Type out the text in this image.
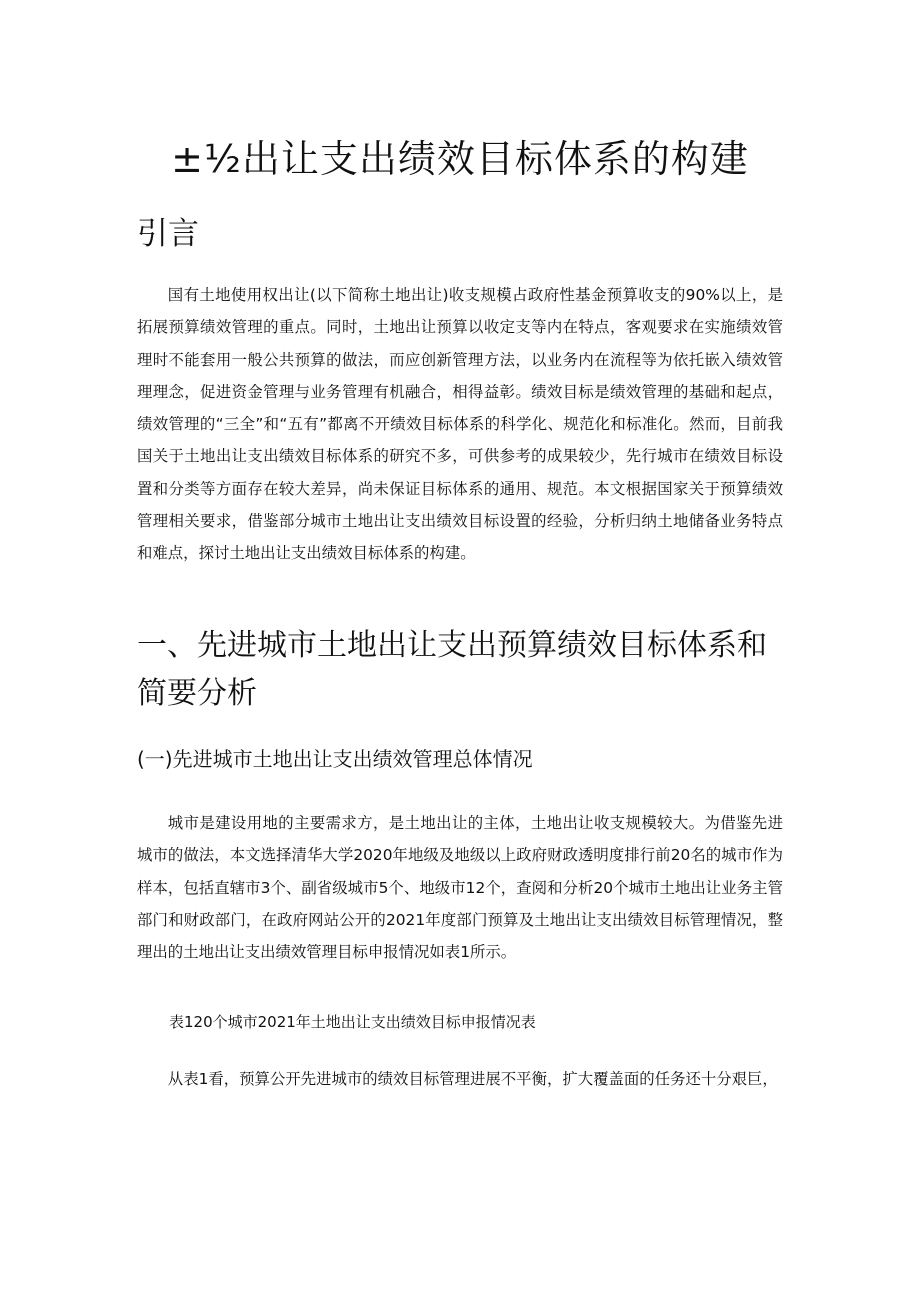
±½出让支出绩效目标体系的构建
引言

国有土地使用权出让(以下简称土地出让)收支规模占政府性基金预算收支的90%以上，是拓展预算绩效管理的重点。同时，土地出让预算以收定支等内在特点，客观要求在实施绩效管理时不能套用一般公共预算的做法，而应创新管理方法，以业务内在流程等为依托嵌入绩效管理理念，促进资金管理与业务管理有机融合，相得益彰。绩效目标是绩效管理的基础和起点，绩效管理的“三全”和“五有”都离不开绩效目标体系的科学化、规范化和标准化。然而，目前我国关于土地出让支出绩效目标体系的研究不多，可供参考的成果较少，先行城市在绩效目标设置和分类等方面存在较大差异，尚未保证目标体系的通用、规范。本文根据国家关于预算绩效管理相关要求，借鉴部分城市土地出让支出绩效目标设置的经验，分析归纳土地储备业务特点和难点，探讨土地出让支出绩效目标体系的构建。

一、先进城市土地出让支出预算绩效目标体系和简要分析
(一)先进城市土地出让支出绩效管理总体情况

城市是建设用地的主要需求方，是土地出让的主体，土地出让收支规模较大。为借鉴先进城市的做法，本文选择清华大学2020年地级及地级以上政府财政透明度排行前20名的城市作为样本，包括直辖市3个、副省级城市5个、地级市12个，查阅和分析20个城市土地出让业务主管部门和财政部门，在政府网站公开的2021年度部门预算及土地出让支出绩效目标管理情况，整理出的土地出让支出绩效管理目标申报情况如表1所示。

表120个城市2021年土地出让支出绩效目标申报情况表

从表1看，预算公开先进城市的绩效目标管理进展不平衡，扩大覆盖面的任务还十分艰巨，
